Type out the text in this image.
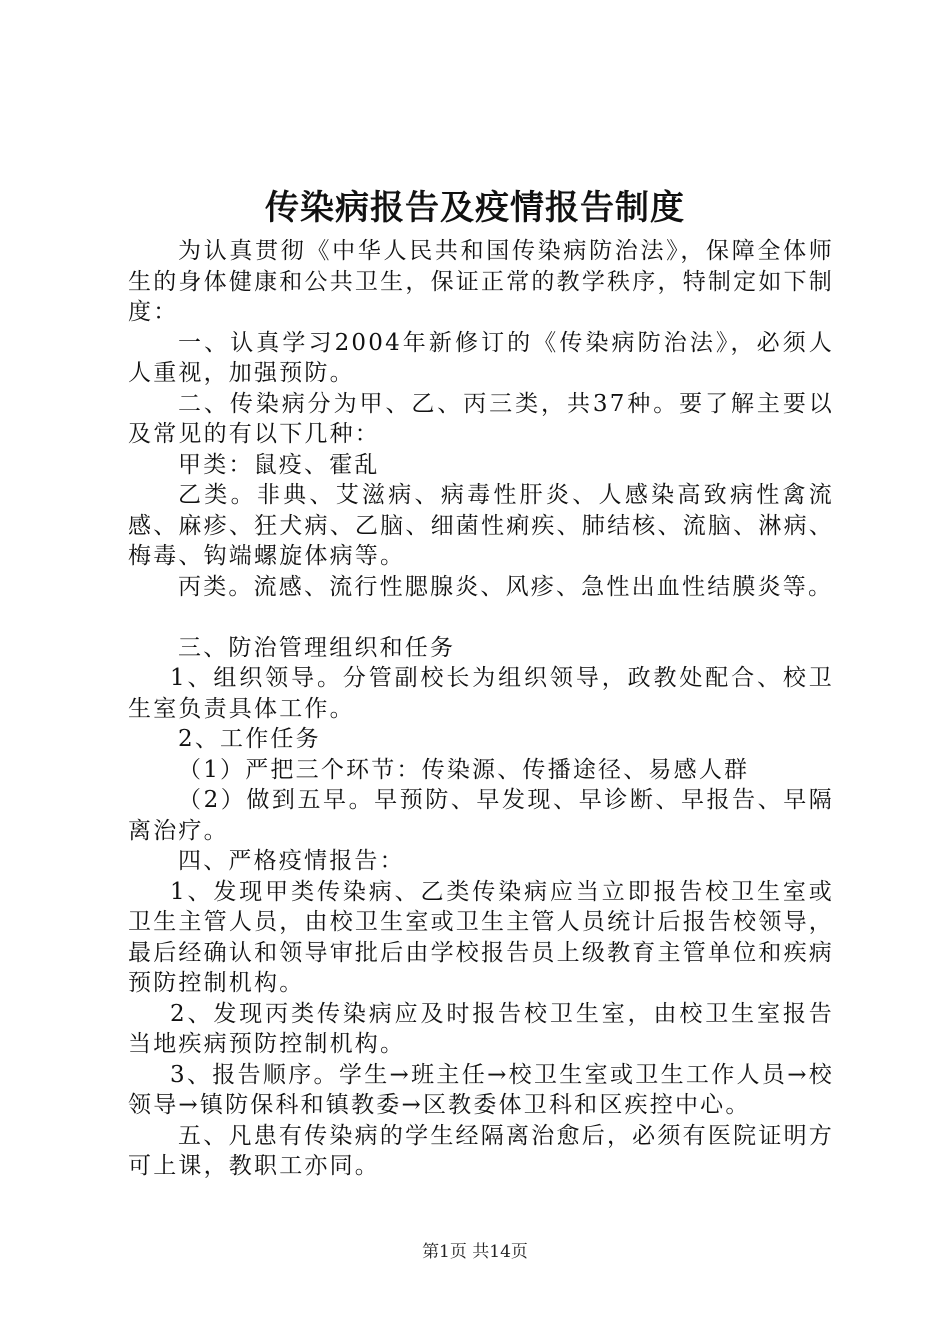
传染病报告及疫情报告制度

为认真贯彻《中华人民共和国传染病防治法》，保障全体师生的身体健康和公共卫生，保证正常的教学秩序，特制定如下制度：

一、认真学习2004年新修订的《传染病防治法》，必须人人重视，加强预防。

二、传染病分为甲、乙、丙三类，共37种。要了解主要以及常见的有以下几种：

甲类：鼠疫、霍乱

乙类。非典、艾滋病、病毒性肝炎、人感染高致病性禽流感、麻疹、狂犬病、乙脑、细菌性痢疾、肺结核、流脑、淋病、梅毒、钩端螺旋体病等。

丙类。流感、流行性腮腺炎、风疹、急性出血性结膜炎等。

三、防治管理组织和任务

1、组织领导。分管副校长为组织领导，政教处配合、校卫生室负责具体工作。

2、工作任务

（1）严把三个环节：传染源、传播途径、易感人群

（2）做到五早。早预防、早发现、早诊断、早报告、早隔离治疗。

四、严格疫情报告：

1、发现甲类传染病、乙类传染病应当立即报告校卫生室或卫生主管人员，由校卫生室或卫生主管人员统计后报告校领导，最后经确认和领导审批后由学校报告员上级教育主管单位和疾病预防控制机构。

2、发现丙类传染病应及时报告校卫生室，由校卫生室报告当地疾病预防控制机构。

3、报告顺序。学生→班主任→校卫生室或卫生工作人员→校领导→镇防保科和镇教委→区教委体卫科和区疾控中心。

五、凡患有传染病的学生经隔离治愈后，必须有医院证明方可上课，教职工亦同。

第1页 共14页
